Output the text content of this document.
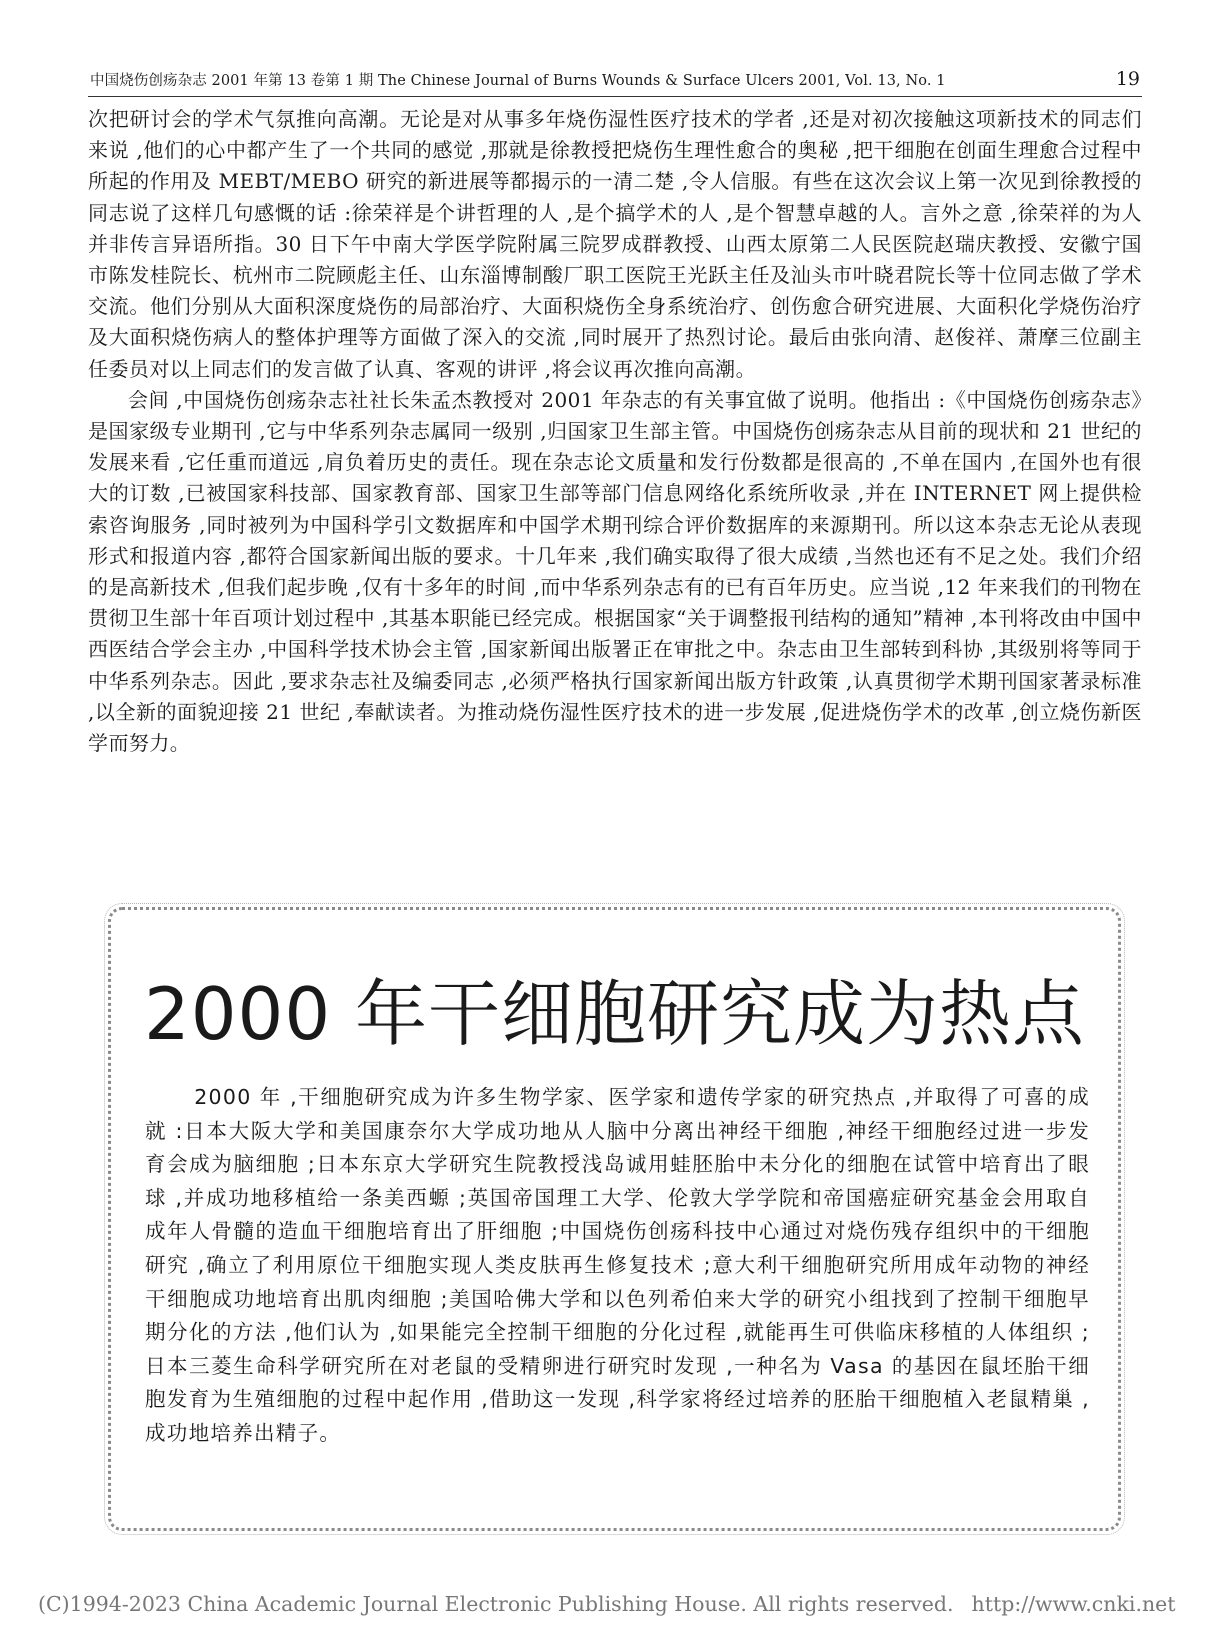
中国烧伤创疡杂志 2001 年第 13 卷第 1 期 The Chinese Journal of Burns Wounds & Surface Ulcers 2001, Vol. 13, No. 1	19

次把研讨会的学术气氛推向高潮。无论是对从事多年烧伤湿性医疗技术的学者 ,还是对初次接触这项新技术的同志们来说 ,他们的心中都产生了一个共同的感觉 ,那就是徐教授把烧伤生理性愈合的奥秘 ,把干细胞在创面生理愈合过程中所起的作用及 MEBT/MEBO 研究的新进展等都揭示的一清二楚 ,令人信服。有些在这次会议上第一次见到徐教授的同志说了这样几句感慨的话 :徐荣祥是个讲哲理的人 ,是个搞学术的人 ,是个智慧卓越的人。言外之意 ,徐荣祥的为人并非传言异语所指。30 日下午中南大学医学院附属三院罗成群教授、山西太原第二人民医院赵瑞庆教授、安徽宁国市陈发桂院长、杭州市二院顾彪主任、山东淄博制酸厂职工医院王光跃主任及汕头市叶晓君院长等十位同志做了学术交流。他们分别从大面积深度烧伤的局部治疗、大面积烧伤全身系统治疗、创伤愈合研究进展、大面积化学烧伤治疗及大面积烧伤病人的整体护理等方面做了深入的交流 ,同时展开了热烈讨论。最后由张向清、赵俊祥、萧摩三位副主任委员对以上同志们的发言做了认真、客观的讲评 ,将会议再次推向高潮。

会间 ,中国烧伤创疡杂志社社长朱孟杰教授对 2001 年杂志的有关事宜做了说明。他指出 :《中国烧伤创疡杂志》是国家级专业期刊 ,它与中华系列杂志属同一级别 ,归国家卫生部主管。中国烧伤创疡杂志从目前的现状和 21 世纪的发展来看 ,它任重而道远 ,肩负着历史的责任。现在杂志论文质量和发行份数都是很高的 ,不单在国内 ,在国外也有很大的订数 ,已被国家科技部、国家教育部、国家卫生部等部门信息网络化系统所收录 ,并在 INTERNET 网上提供检索咨询服务 ,同时被列为中国科学引文数据库和中国学术期刊综合评价数据库的来源期刊。所以这本杂志无论从表现形式和报道内容 ,都符合国家新闻出版的要求。十几年来 ,我们确实取得了很大成绩 ,当然也还有不足之处。我们介绍的是高新技术 ,但我们起步晚 ,仅有十多年的时间 ,而中华系列杂志有的已有百年历史。应当说 ,12 年来我们的刊物在贯彻卫生部十年百项计划过程中 ,其基本职能已经完成。根据国家“关于调整报刊结构的通知”精神 ,本刊将改由中国中西医结合学会主办 ,中国科学技术协会主管 ,国家新闻出版署正在审批之中。杂志由卫生部转到科协 ,其级别将等同于中华系列杂志。因此 ,要求杂志社及编委同志 ,必须严格执行国家新闻出版方针政策 ,认真贯彻学术期刊国家著录标准 ,以全新的面貌迎接 21 世纪 ,奉献读者。为推动烧伤湿性医疗技术的进一步发展 ,促进烧伤学术的改革 ,创立烧伤新医学而努力。

2000 年干细胞研究成为热点

2000 年 ,干细胞研究成为许多生物学家、医学家和遗传学家的研究热点 ,并取得了可喜的成就 :日本大阪大学和美国康奈尔大学成功地从人脑中分离出神经干细胞 ,神经干细胞经过进一步发育会成为脑细胞 ;日本东京大学研究生院教授浅岛诚用蛙胚胎中未分化的细胞在试管中培育出了眼球 ,并成功地移植给一条美西螈 ;英国帝国理工大学、伦敦大学学院和帝国癌症研究基金会用取自成年人骨髓的造血干细胞培育出了肝细胞 ;中国烧伤创疡科技中心通过对烧伤残存组织中的干细胞研究 ,确立了利用原位干细胞实现人类皮肤再生修复技术 ;意大利干细胞研究所用成年动物的神经干细胞成功地培育出肌肉细胞 ;美国哈佛大学和以色列希伯来大学的研究小组找到了控制干细胞早期分化的方法 ,他们认为 ,如果能完全控制干细胞的分化过程 ,就能再生可供临床移植的人体组织 ;日本三菱生命科学研究所在对老鼠的受精卵进行研究时发现 ,一种名为 Vasa 的基因在鼠坯胎干细胞发育为生殖细胞的过程中起作用 ,借助这一发现 ,科学家将经过培养的胚胎干细胞植入老鼠精巢 ,成功地培养出精子。

(C)1994-2023 China Academic Journal Electronic Publishing House. All rights reserved. http://www.cnki.net
